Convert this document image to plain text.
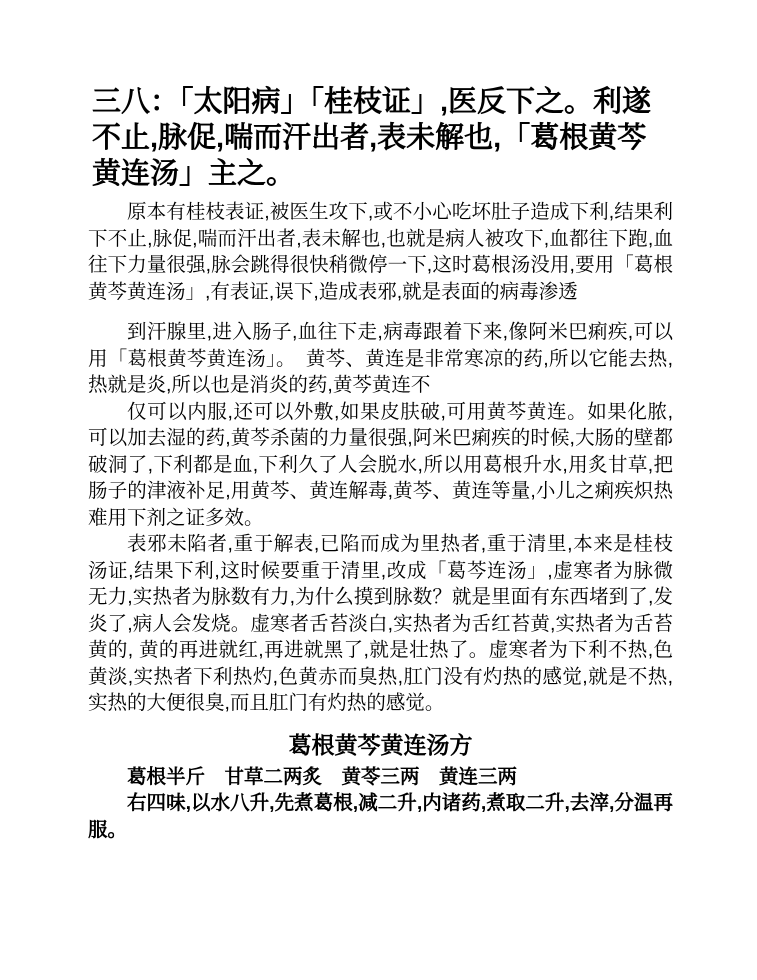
三八：「太阳病」「桂枝证」,医反下之。利遂不止,脉促,喘而汗出者,表未解也,「葛根黄芩黄连汤」主之。

原本有桂枝表证,被医生攻下,或不小心吃坏肚子造成下利,结果利下不止,脉促,喘而汗出者,表未解也,也就是病人被攻下,血都往下跑,血往下力量很强,脉会跳得很快稍微停一下,这时葛根汤没用,要用「葛根黄芩黄连汤」,有表证,误下,造成表邪,就是表面的病毒渗透

到汗腺里,进入肠子,血往下走,病毒跟着下来,像阿米巴痢疾,可以用「葛根黄芩黄连汤」。　黄芩、黄连是非常寒凉的药,所以它能去热,热就是炎,所以也是消炎的药,黄芩黄连不

仅可以内服,还可以外敷,如果皮肤破,可用黄芩黄连。如果化脓,可以加去湿的药,黄芩杀菌的力量很强,阿米巴痢疾的时候,大肠的壁都破洞了,下利都是血,下利久了人会脱水,所以用葛根升水,用炙甘草,把肠子的津液补足,用黄芩、黄连解毒,黄芩、黄连等量,小儿之痢疾炽热难用下剂之证多效。

表邪未陷者,重于解表,已陷而成为里热者,重于清里,本来是桂枝汤证,结果下利,这时候要重于清里,改成「葛芩连汤」,虚寒者为脉微无力,实热者为脉数有力,为什么摸到脉数？就是里面有东西堵到了,发炎了,病人会发烧。虚寒者舌苔淡白,实热者为舌红苔黄,实热者为舌苔黄的, 黄的再进就红,再进就黑了,就是壮热了。虚寒者为下利不热,色黄淡,实热者下利热灼,色黄赤而臭热,肛门没有灼热的感觉,就是不热,实热的大便很臭,而且肛门有灼热的感觉。

葛根黄芩黄连汤方

葛根半斤　甘草二两炙　黄苓三两　黄连三两

右四味,以水八升,先煮葛根,减二升,内诸药,煮取二升,去滓,分温再服。
